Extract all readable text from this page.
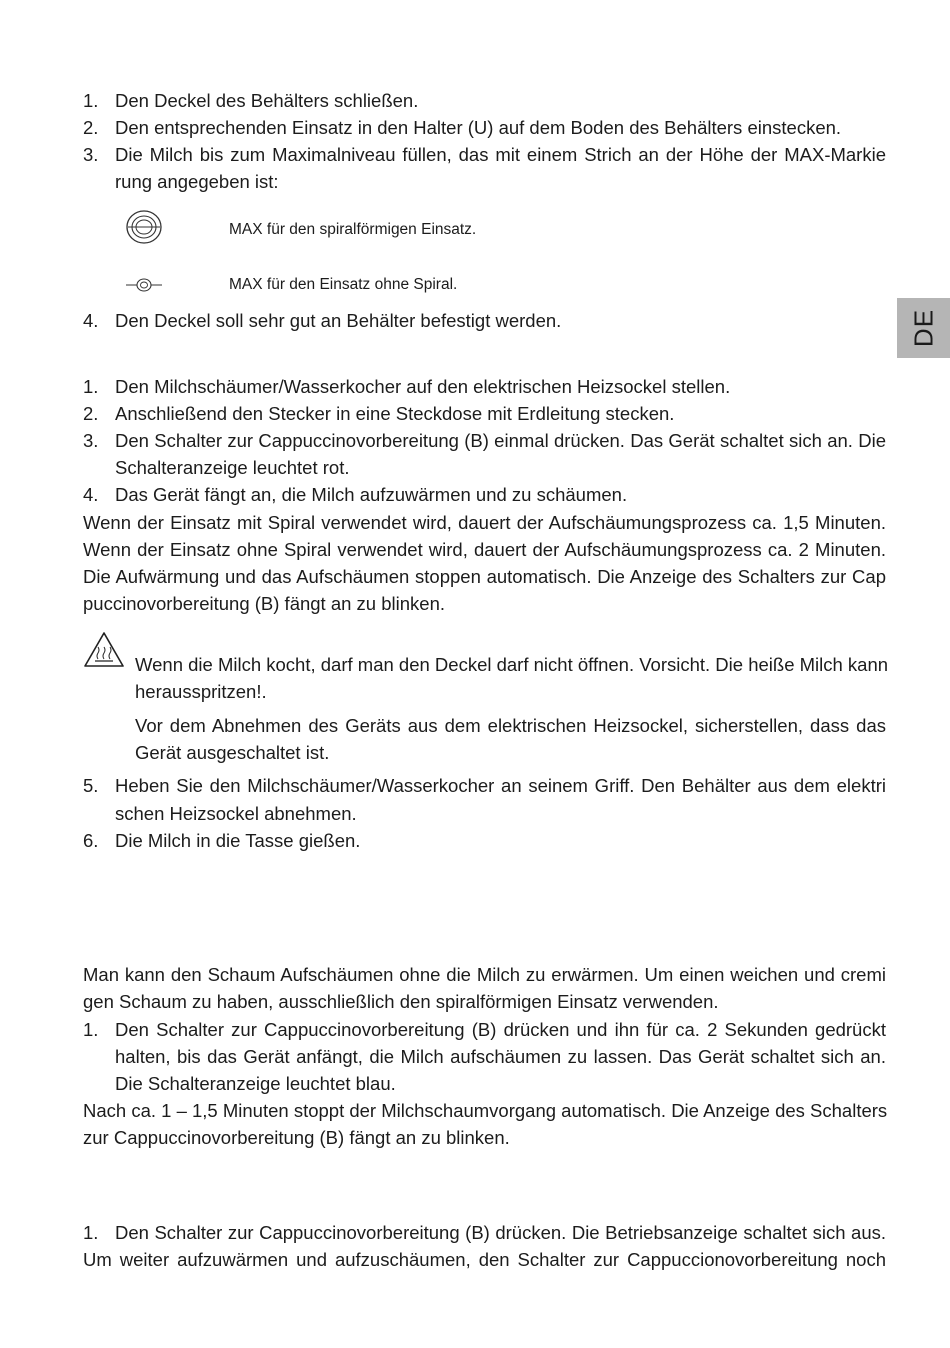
DE
1. Den Deckel des Behälters schließen.
2. Den entsprechenden Einsatz in den Halter (U) auf dem Boden des Behälters einstecken.
3. Die Milch bis zum Maximalniveau füllen, das mit einem Strich an der Höhe der MAX-Markie
rung angegeben ist:
MAX für den spiralförmigen Einsatz.
MAX für den Einsatz ohne Spiral.
4. Den Deckel soll sehr gut an Behälter befestigt werden.
1. Den Milchschäumer/Wasserkocher auf den elektrischen Heizsockel stellen.
2. Anschließend den Stecker in eine Steckdose mit Erdleitung stecken.
3. Den Schalter zur Cappuccinovorbereitung (B) einmal drücken. Das Gerät schaltet sich an. Die
Schalteranzeige leuchtet rot.
4. Das Gerät fängt an, die Milch aufzuwärmen und zu schäumen.
Wenn der Einsatz mit Spiral verwendet wird, dauert der Aufschäumungsprozess ca. 1,5 Minuten.
Wenn der Einsatz ohne Spiral verwendet wird, dauert der Aufschäumungsprozess ca. 2 Minuten.
Die Aufwärmung und das Aufschäumen stoppen automatisch. Die Anzeige des Schalters zur Cap
puccinovorbereitung (B) fängt an zu blinken.
Wenn die Milch kocht, darf man den Deckel darf nicht öffnen. Vorsicht. Die heiße Milch kann
herausspritzen!.
Vor dem Abnehmen des Geräts aus dem elektrischen Heizsockel, sicherstellen, dass das
Gerät ausgeschaltet ist.
5. Heben Sie den Milchschäumer/Wasserkocher an seinem Griff. Den Behälter aus dem elektri
schen Heizsockel abnehmen.
6. Die Milch in die Tasse gießen.
Man kann den Schaum Aufschäumen ohne die Milch zu erwärmen. Um einen weichen und cremi
gen Schaum zu haben, ausschließlich den spiralförmigen Einsatz verwenden.
1. Den Schalter zur Cappuccinovorbereitung (B) drücken und ihn für ca. 2 Sekunden gedrückt
halten, bis das Gerät anfängt, die Milch aufschäumen zu lassen. Das Gerät schaltet sich an.
Die Schalteranzeige leuchtet blau.
Nach ca. 1 – 1,5 Minuten stoppt der Milchschaumvorgang automatisch. Die Anzeige des Schalters
zur Cappuccinovorbereitung (B) fängt an zu blinken.
1. Den Schalter zur Cappuccinovorbereitung (B) drücken. Die Betriebsanzeige schaltet sich aus.
Um weiter aufzuwärmen und aufzuschäumen, den Schalter zur Cappuccionovorbereitung noch
